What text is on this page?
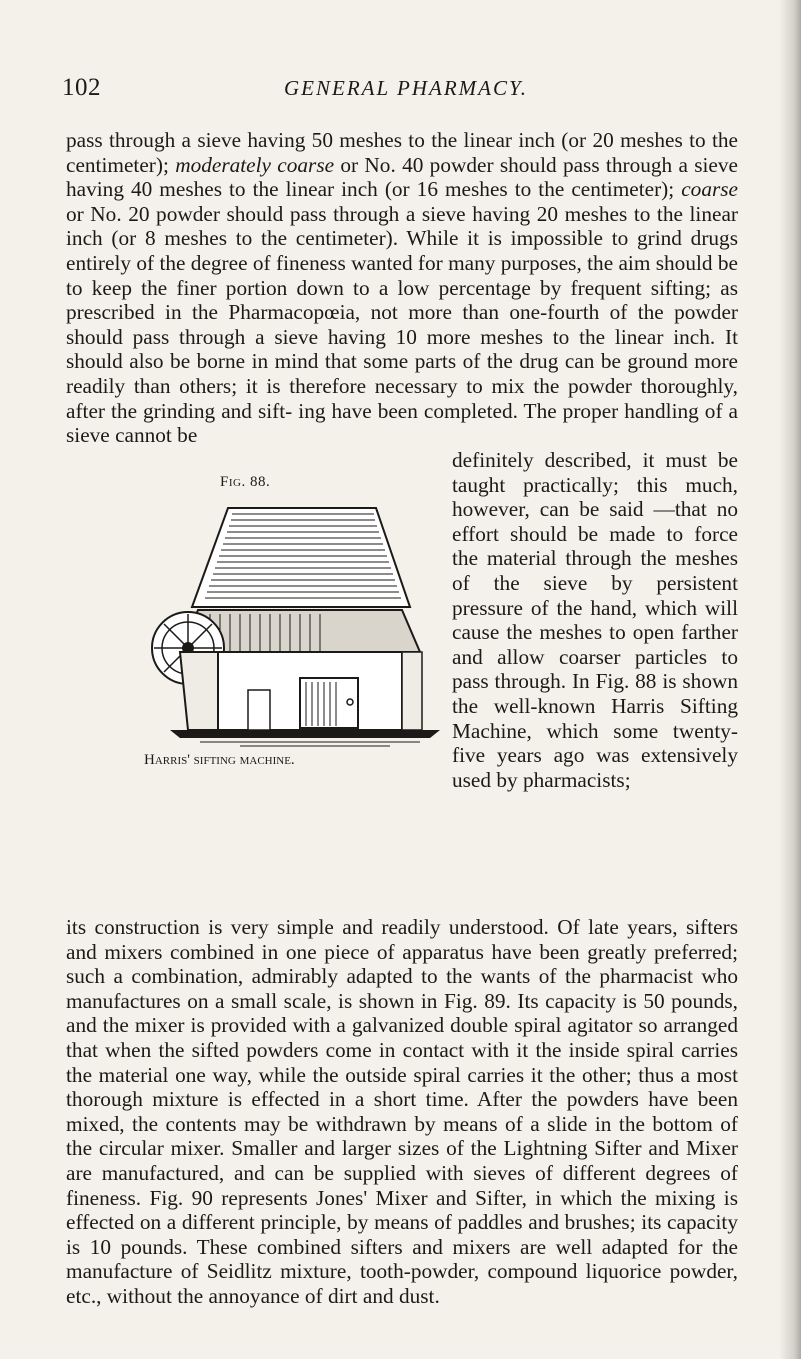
102	GENERAL PHARMACY.

pass through a sieve having 50 meshes to the linear inch (or 20 meshes to the centimeter); moderately coarse or No. 40 powder should pass through a sieve having 40 meshes to the linear inch (or 16 meshes to the centimeter); coarse or No. 20 powder should pass through a sieve having 20 meshes to the linear inch (or 8 meshes to the centimeter). While it is impossible to grind drugs entirely of the degree of fineness wanted for many purposes, the aim should be to keep the finer portion down to a low percentage by frequent sifting; as prescribed in the Pharmacopœia, not more than one-fourth of the powder should pass through a sieve having 10 more meshes to the linear inch. It should also be borne in mind that some parts of the drug can be ground more readily than others; it is therefore necessary to mix the powder thoroughly, after the grinding and sift- ing have been completed. The proper handling of a sieve cannot be

Fig. 88.
Harris' sifting machine.

definitely described, it must be taught practically; this much, however, can be said —that no effort should be made to force the material through the meshes of the sieve by persistent pressure of the hand, which will cause the meshes to open farther and allow coarser particles to pass through. In Fig. 88 is shown the well-known Harris Sifting Machine, which some twenty-five years ago was extensively used by pharmacists;

its construction is very simple and readily understood. Of late years, sifters and mixers combined in one piece of apparatus have been greatly preferred; such a combination, admirably adapted to the wants of the pharmacist who manufactures on a small scale, is shown in Fig. 89. Its capacity is 50 pounds, and the mixer is provided with a galvanized double spiral agitator so arranged that when the sifted powders come in contact with it the inside spiral carries the material one way, while the outside spiral carries it the other; thus a most thorough mixture is effected in a short time. After the powders have been mixed, the contents may be withdrawn by means of a slide in the bottom of the circular mixer. Smaller and larger sizes of the Lightning Sifter and Mixer are manufactured, and can be supplied with sieves of different degrees of fineness. Fig. 90 represents Jones' Mixer and Sifter, in which the mixing is effected on a different principle, by means of paddles and brushes; its capacity is 10 pounds. These combined sifters and mixers are well adapted for the manufacture of Seidlitz mixture, tooth-powder, compound liquorice powder, etc., without the annoyance of dirt and dust.
